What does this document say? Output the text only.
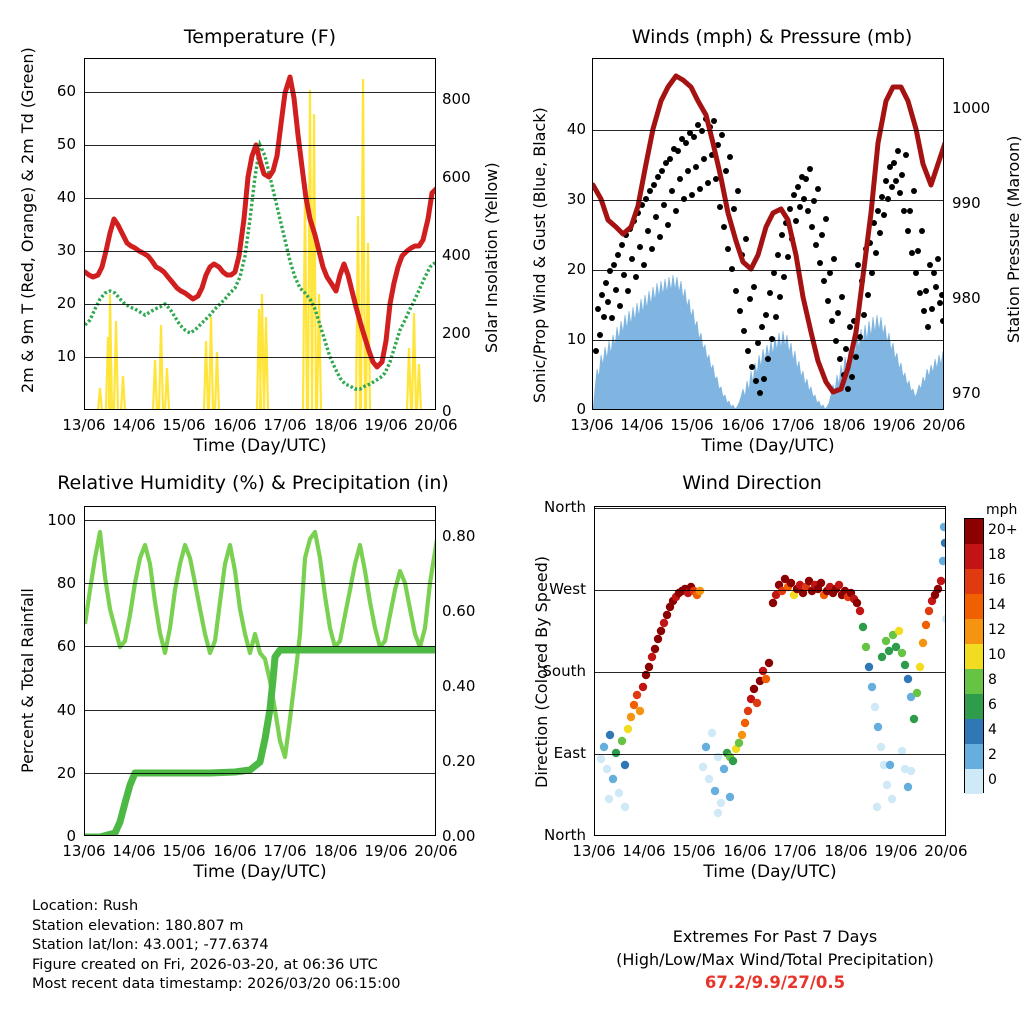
Temperature (F)
2m & 9m T (Red, Orange) & 2m Td (Green)	Solar Insolation (Yellow)
10
20
30
40
50
60
0
200
400
600
800
13/06 14/06 15/06 16/06 17/06 18/06 19/06 20/06
Time (Day/UTC)
Winds (mph) & Pressure (mb)
Sonic/Prop Wind & Gust (Blue, Black)	Station Pressure (Maroon)
0
10
20
30
40
970
980
990
1000
13/06 14/06 15/06 16/06 17/06 18/06 19/06 20/06
Time (Day/UTC)
Relative Humidity (%) & Precipitation (in)
Percent & Total Rainfall
0
20
40
60
80
100
0.00
0.20
0.40
0.60
0.80
13/06 14/06 15/06 16/06 17/06 18/06 19/06 20/06
Time (Day/UTC)
Wind Direction
Direction (Colored By Speed)
North
West
South
East
North
13/06 14/06 15/06 16/06 17/06 18/06 19/06 20/06
Time (Day/UTC)
mph
20+
18
16
14
12
10
8
6
4
2
0
Location: Rush
Station elevation: 180.807 m
Station lat/lon: 43.001; -77.6374
Figure created on Fri, 2026-03-20, at 06:36 UTC
Most recent data timestamp: 2026/03/20 06:15:00
Extremes For Past 7 Days
(High/Low/Max Wind/Total Precipitation)
67.2/9.9/27/0.5
